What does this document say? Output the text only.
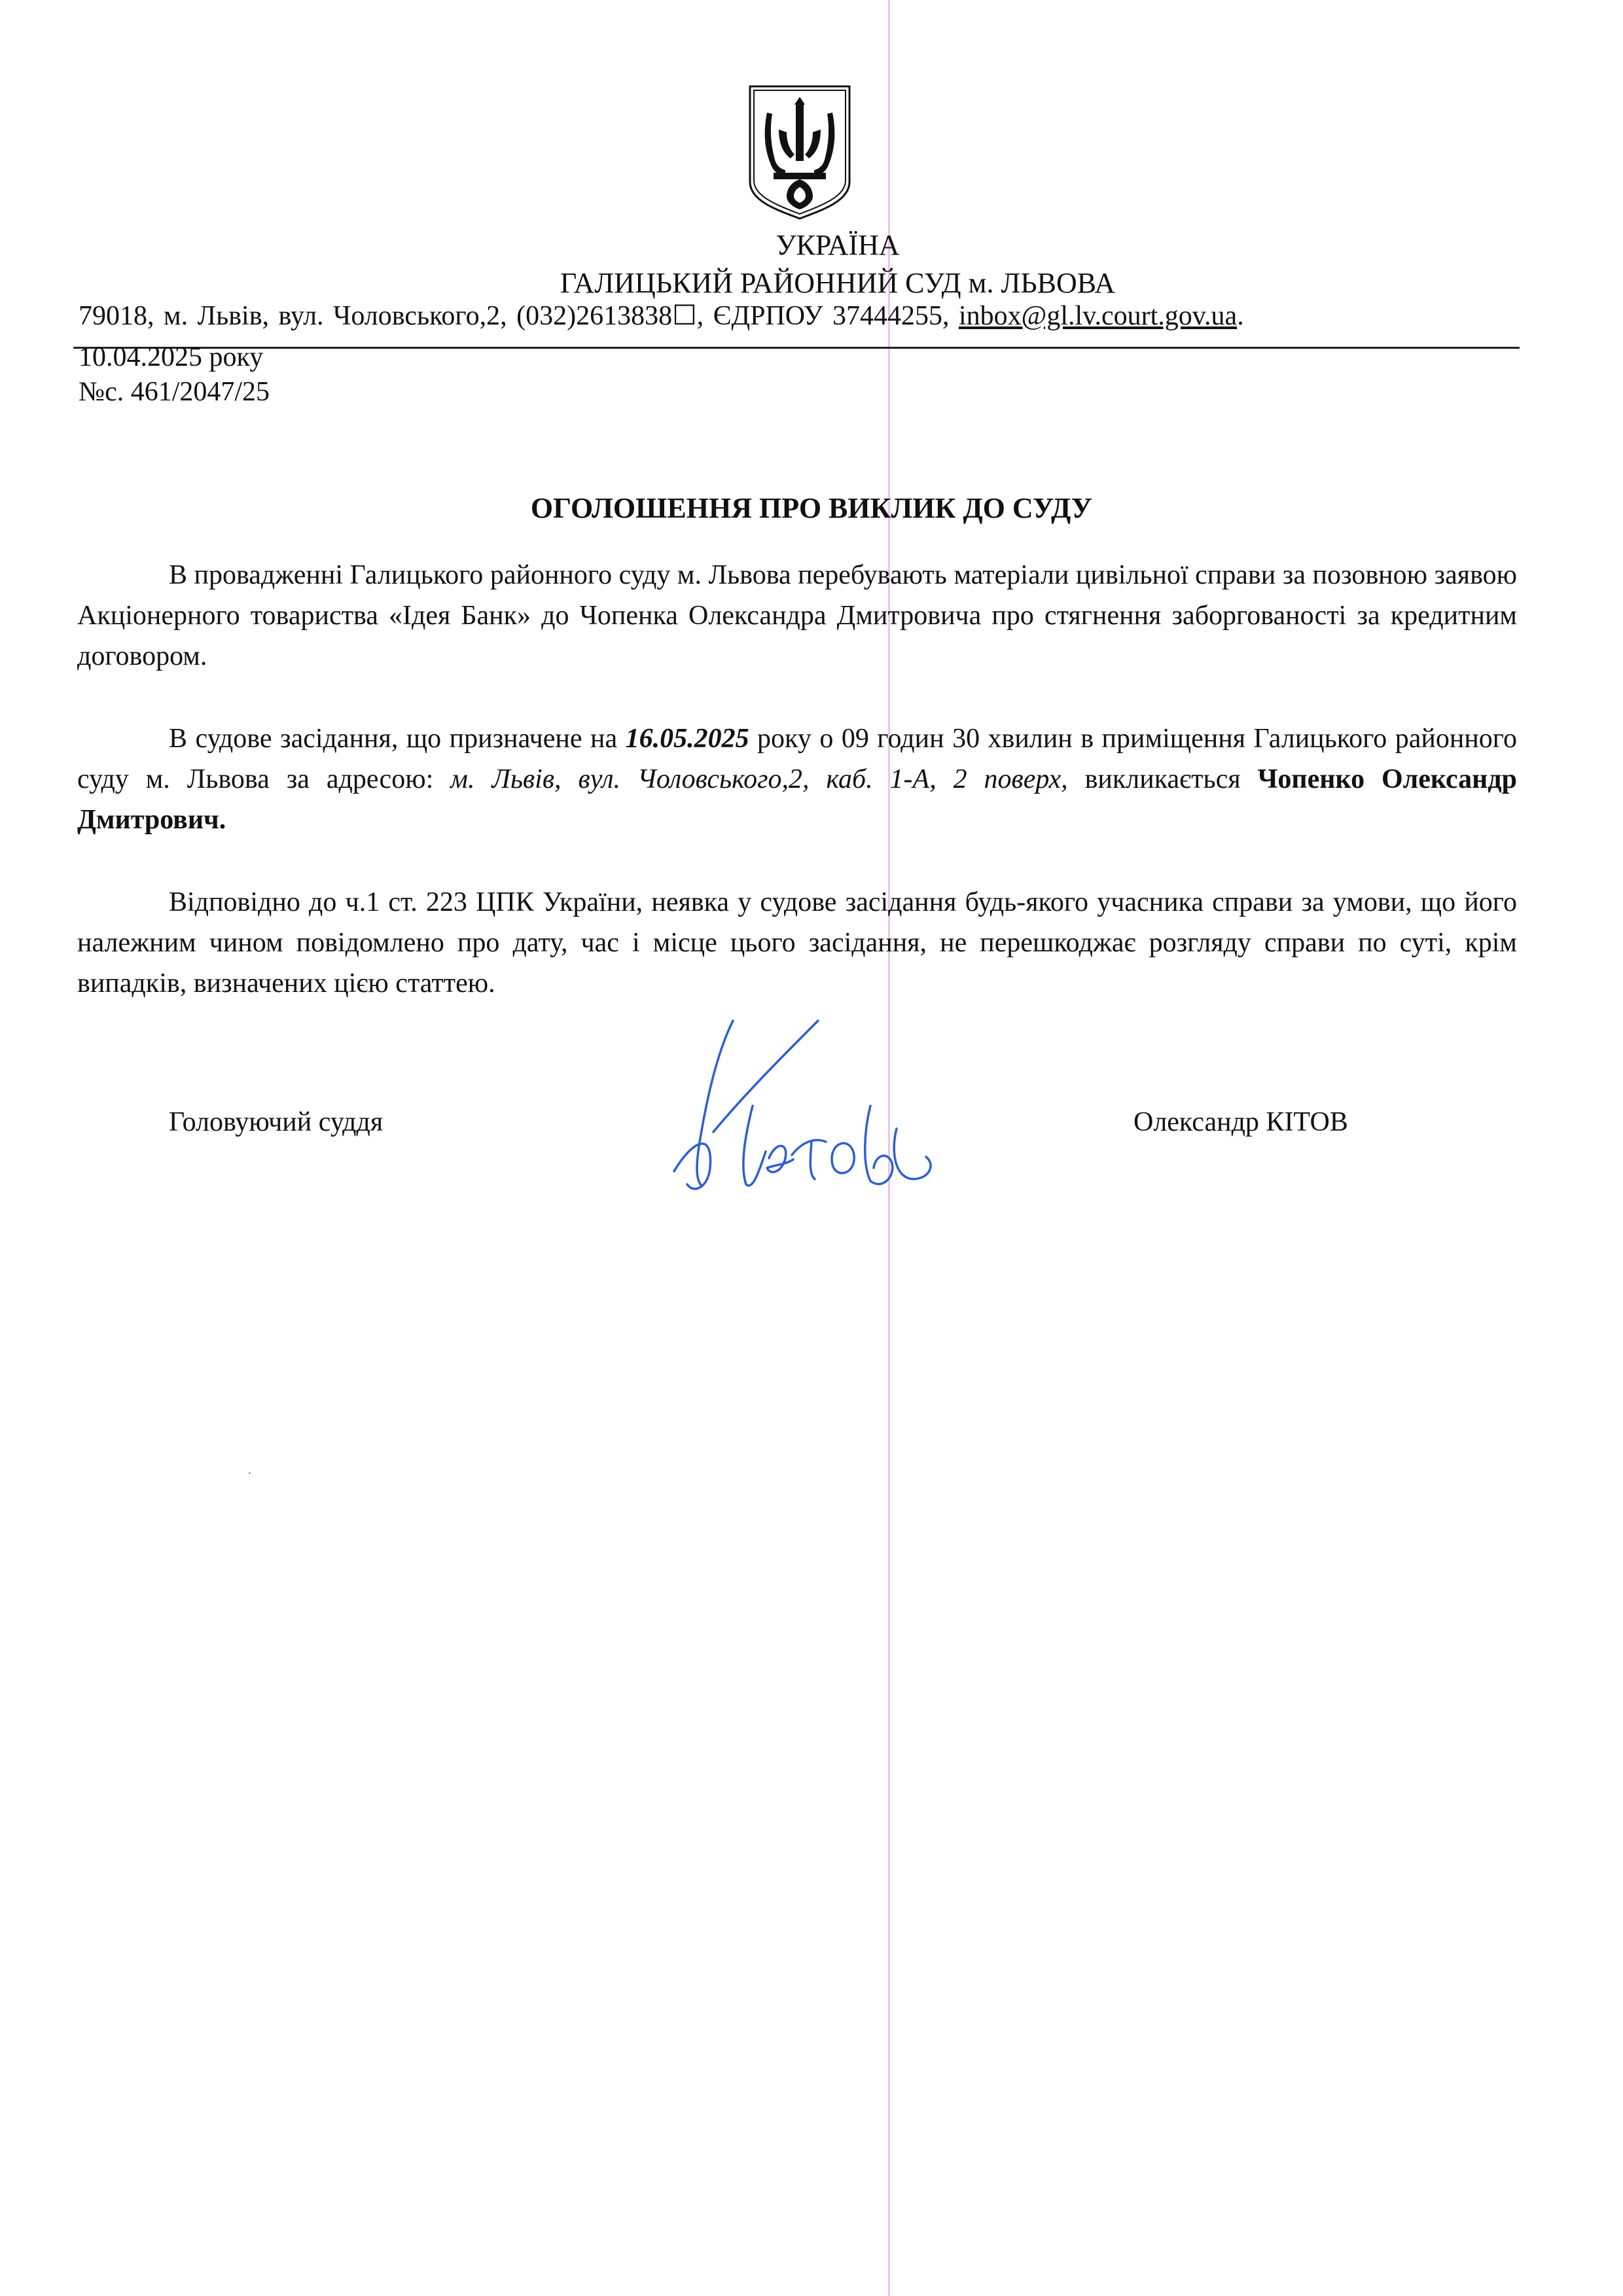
УКРАЇНА
ГАЛИЦЬКИЙ РАЙОННИЙ СУД м. ЛЬВОВА
79018, м. Львів, вул. Чоловського,2, (032)2613838☐, ЄДРПОУ 37444255, inbox@gl.lv.court.gov.ua.
10.04.2025 року
№с. 461/2047/25
ОГОЛОШЕННЯ ПРО ВИКЛИК ДО СУДУ

В провадженні Галицького районного суду м. Львова перебувають матеріали цивільної справи за позовною заявою Акціонерного товариства «Ідея Банк» до Чопенка Олександра Дмитровича про стягнення заборгованості за кредитним договором.

В судове засідання, що призначене на 16.05.2025 року о 09 годин 30 хвилин в приміщення Галицького районного суду м. Львова за адресою: м. Львів, вул. Чоловського,2, каб. 1-А, 2 поверх, викликається Чопенко Олександр Дмитрович.

Відповідно до ч.1 ст. 223 ЦПК України, неявка у судове засідання будь-якого учасника справи за умови, що його належним чином повідомлено про дату, час і місце цього засідання, не перешкоджає розгляду справи по суті, крім випадків, визначених цією статтею.

Головуючий суддя	Олександр КІТОВ
